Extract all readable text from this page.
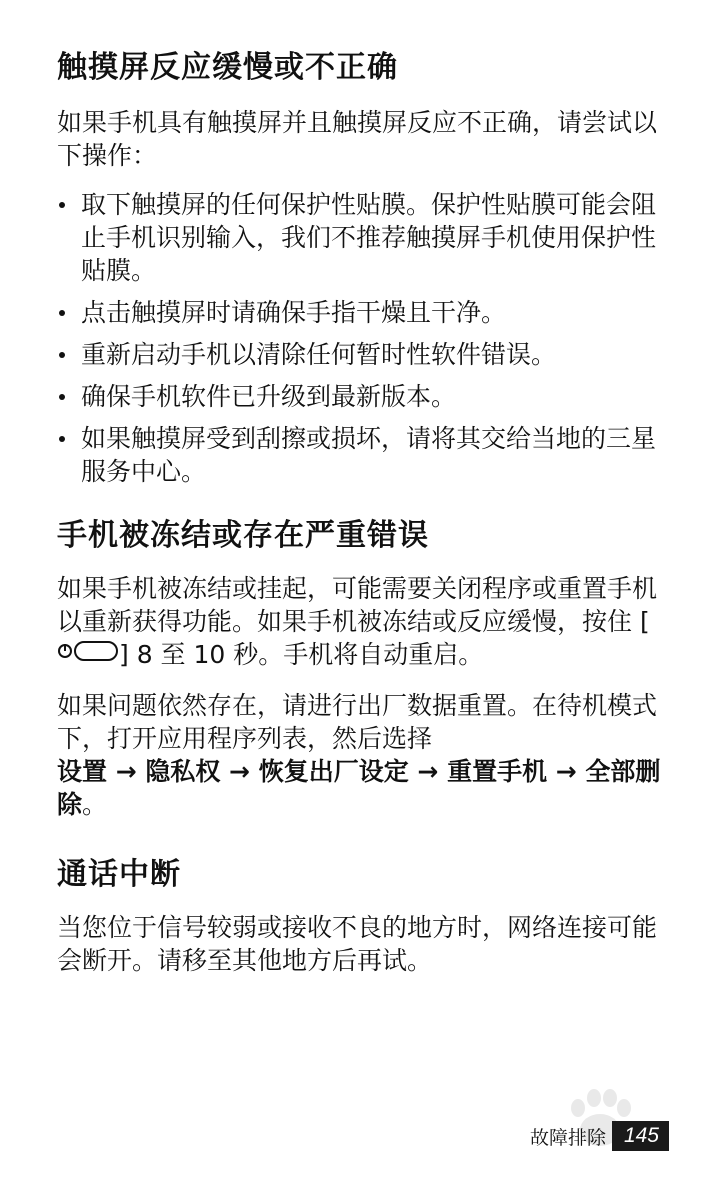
触摸屏反应缓慢或不正确

如果手机具有触摸屏并且触摸屏反应不正确，请尝试以下操作：

取下触摸屏的任何保护性贴膜。保护性贴膜可能会阻止手机识别输入，我们不推荐触摸屏手机使用保护性贴膜。
点击触摸屏时请确保手指干燥且干净。
重新启动手机以清除任何暂时性软件错误。
确保手机软件已升级到最新版本。
如果触摸屏受到刮擦或损坏，请将其交给当地的三星服务中心。
手机被冻结或存在严重错误

如果手机被冻结或挂起，可能需要关闭程序或重置手机以重新获得功能。如果手机被冻结或反应缓慢，按住 [] 8 至 10 秒。手机将自动重启。

如果问题依然存在，请进行出厂数据重置。在待机模式下，打开应用程序列表，然后选择
设置 → 隐私权 → 恢复出厂设定 → 重置手机 → 全部删除。

通话中断

当您位于信号较弱或接收不良的地方时，网络连接可能会断开。请移至其他地方后再试。

故障排除 145
